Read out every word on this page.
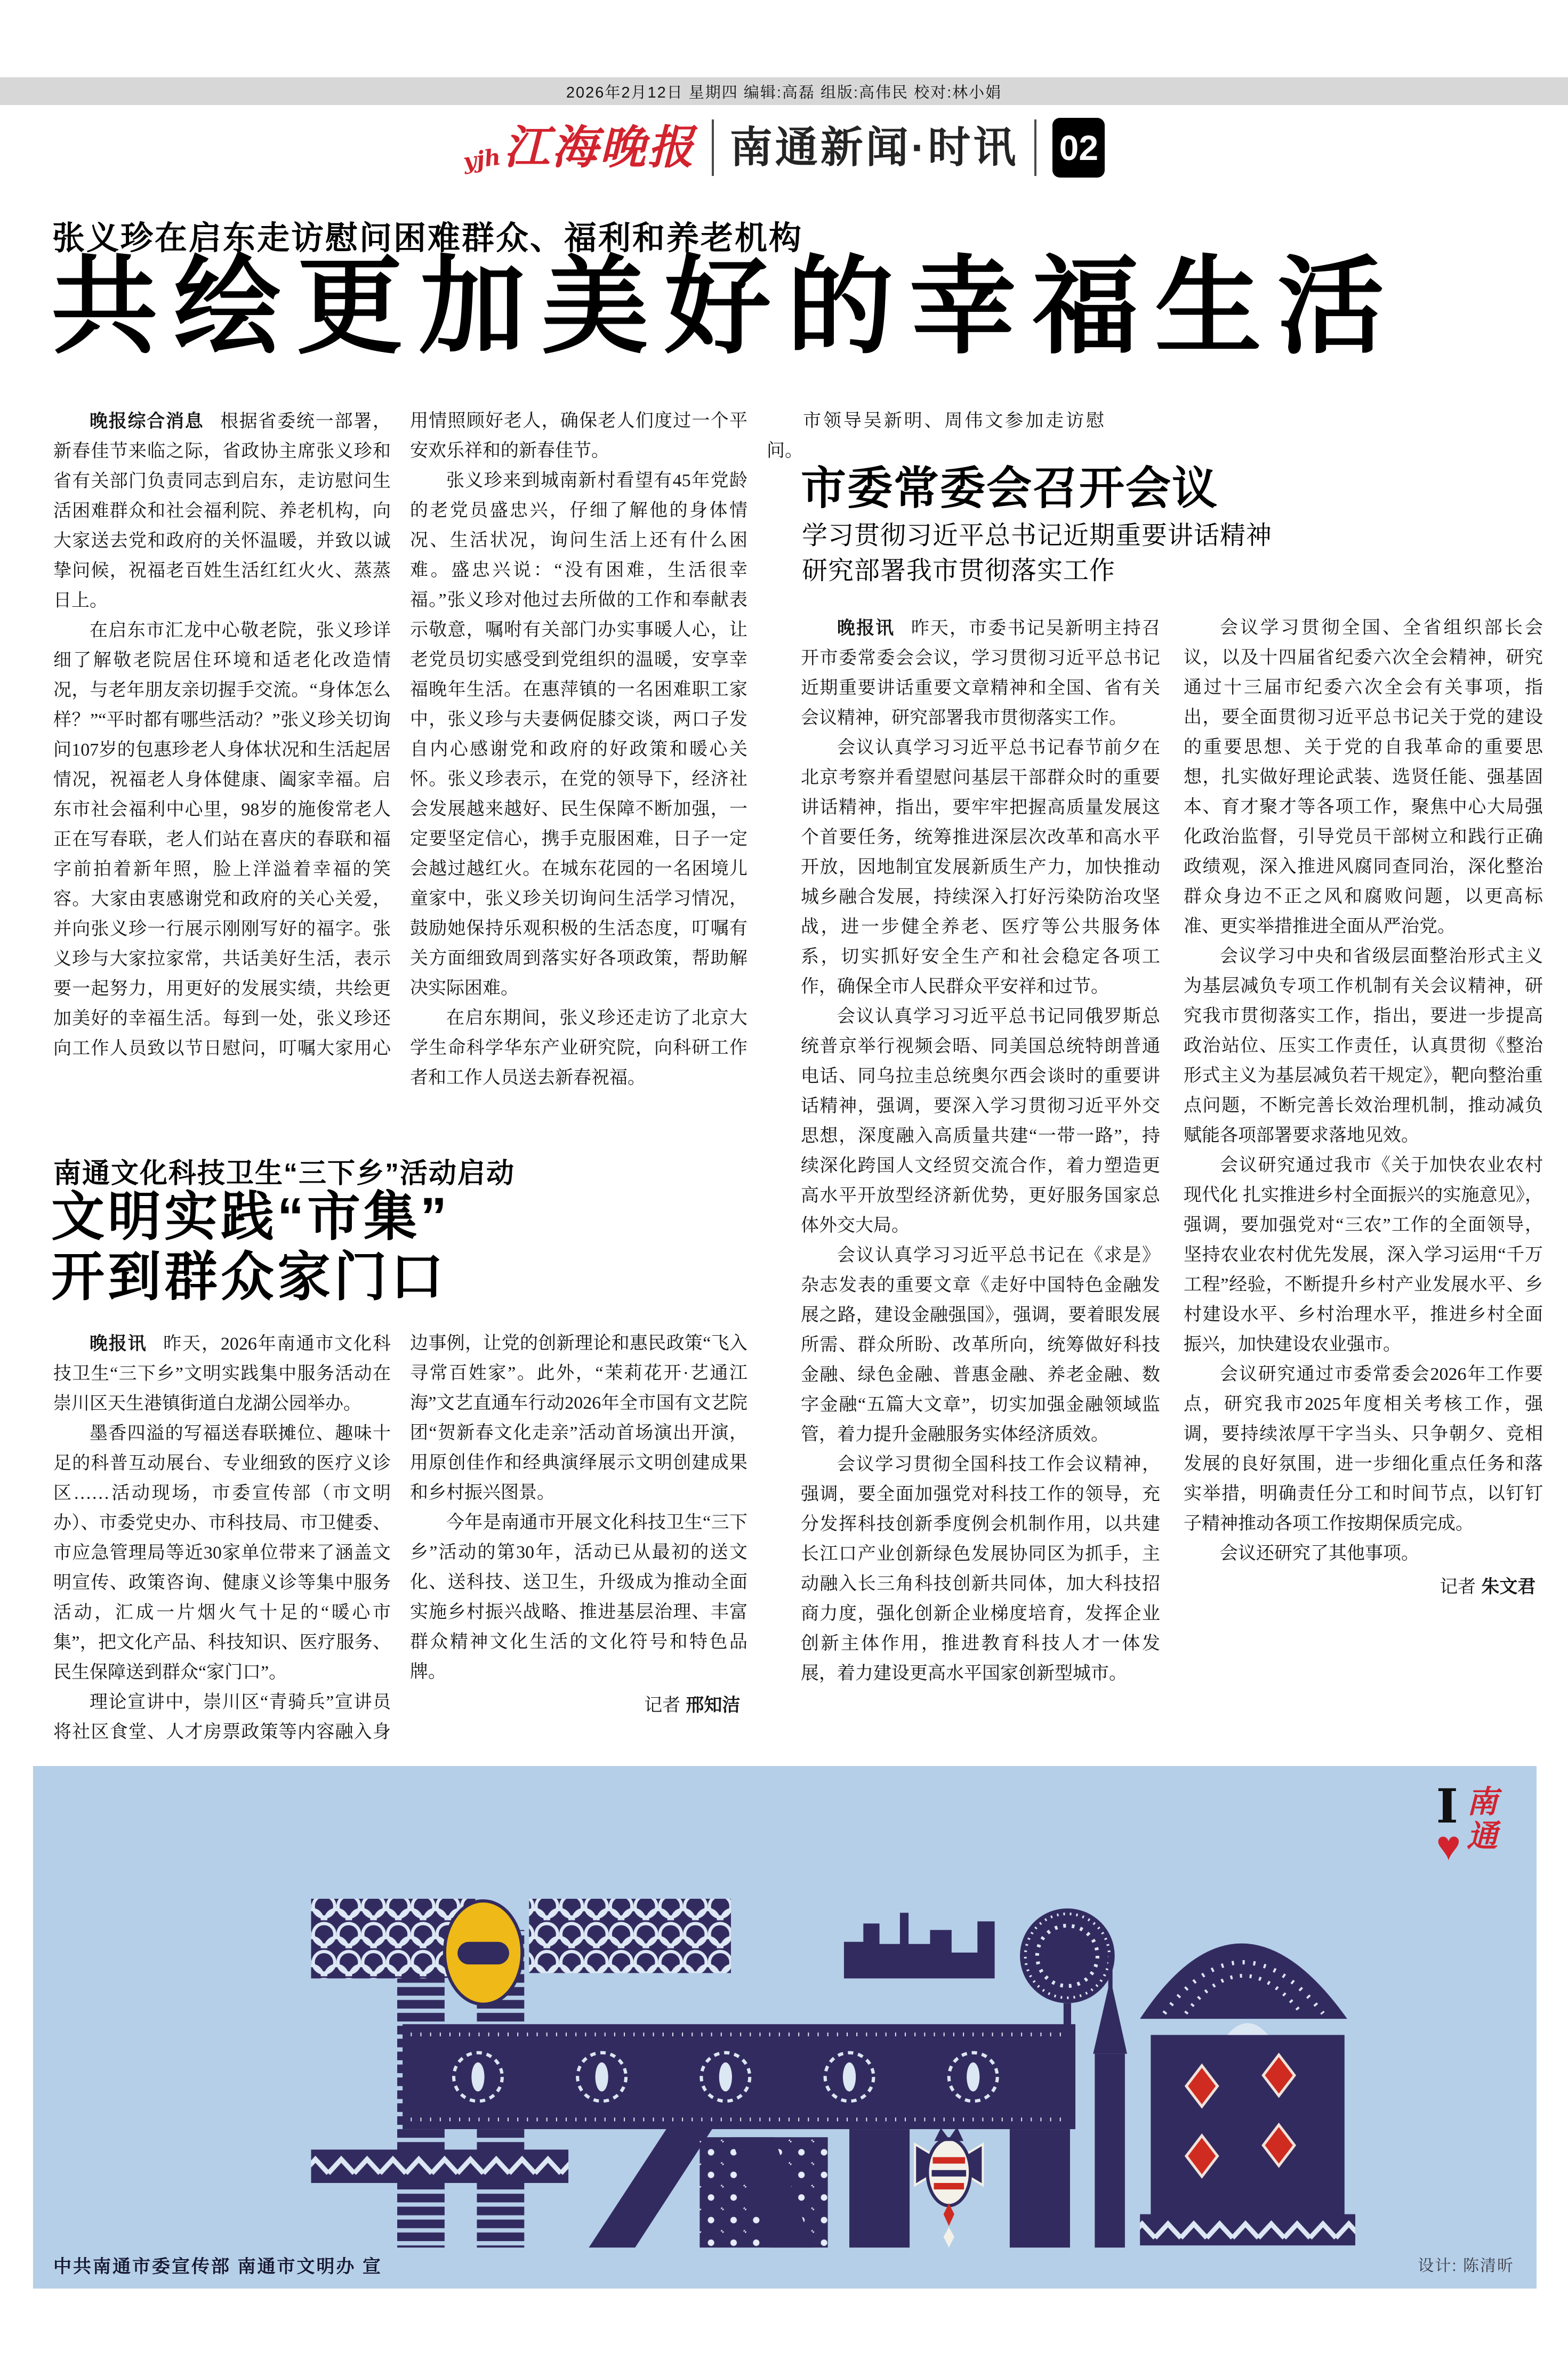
2026年2月12日 星期四 编辑:高磊 组版:高伟民 校对:林小娟
yjh 江海晚报 南通新闻·时讯 02
张义珍在启东走访慰问困难群众、福利和养老机构
共绘更加美好的幸福生活

晚报综合消息 根据省委统一部署，新春佳节来临之际，省政协主席张义珍和省有关部门负责同志到启东，走访慰问生活困难群众和社会福利院、养老机构，向大家送去党和政府的关怀温暖，并致以诚挚问候，祝福老百姓生活红红火火、蒸蒸日上。

在启东市汇龙中心敬老院，张义珍详细了解敬老院居住环境和适老化改造情况，与老年朋友亲切握手交流。“身体怎么样？”“平时都有哪些活动？”张义珍关切询问107岁的包惠珍老人身体状况和生活起居情况，祝福老人身体健康、阖家幸福。启东市社会福利中心里，98岁的施俊常老人正在写春联，老人们站在喜庆的春联和福字前拍着新年照，脸上洋溢着幸福的笑容。大家由衷感谢党和政府的关心关爱，并向张义珍一行展示刚刚写好的福字。张义珍与大家拉家常，共话美好生活，表示要一起努力，用更好的发展实绩，共绘更加美好的幸福生活。每到一处，张义珍还向工作人员致以节日慰问，叮嘱大家用心用情照顾好老人，确保老人们度过一个平安欢乐祥和的新春佳节。

张义珍来到城南新村看望有45年党龄的老党员盛忠兴，仔细了解他的身体情况、生活状况，询问生活上还有什么困难。盛忠兴说：“没有困难，生活很幸福。”张义珍对他过去所做的工作和奉献表示敬意，嘱咐有关部门办实事暖人心，让老党员切实感受到党组织的温暖，安享幸福晚年生活。在惠萍镇的一名困难职工家中，张义珍与夫妻俩促膝交谈，两口子发自内心感谢党和政府的好政策和暖心关怀。张义珍表示，在党的领导下，经济社会发展越来越好、民生保障不断加强，一定要坚定信心，携手克服困难，日子一定会越过越红火。在城东花园的一名困境儿童家中，张义珍关切询问生活学习情况，鼓励她保持乐观积极的生活态度，叮嘱有关方面细致周到落实好各项政策，帮助解决实际困难。

在启东期间，张义珍还走访了北京大学生命科学华东产业研究院，向科研工作者和工作人员送去新春祝福。

市领导吴新明、周伟文参加走访慰问。

市委常委会召开会议
学习贯彻习近平总书记近期重要讲话精神
研究部署我市贯彻落实工作

晚报讯 昨天，市委书记吴新明主持召开市委常委会会议，学习贯彻习近平总书记近期重要讲话重要文章精神和全国、省有关会议精神，研究部署我市贯彻落实工作。

会议认真学习习近平总书记春节前夕在北京考察并看望慰问基层干部群众时的重要讲话精神，指出，要牢牢把握高质量发展这个首要任务，统筹推进深层次改革和高水平开放，因地制宜发展新质生产力，加快推动城乡融合发展，持续深入打好污染防治攻坚战，进一步健全养老、医疗等公共服务体系，切实抓好安全生产和社会稳定各项工作，确保全市人民群众平安祥和过节。

会议认真学习习近平总书记同俄罗斯总统普京举行视频会晤、同美国总统特朗普通电话、同乌拉圭总统奥尔西会谈时的重要讲话精神，强调，要深入学习贯彻习近平外交思想，深度融入高质量共建“一带一路”，持续深化跨国人文经贸交流合作，着力塑造更高水平开放型经济新优势，更好服务国家总体外交大局。

会议认真学习习近平总书记在《求是》杂志发表的重要文章《走好中国特色金融发展之路，建设金融强国》，强调，要着眼发展所需、群众所盼、改革所向，统筹做好科技金融、绿色金融、普惠金融、养老金融、数字金融“五篇大文章”，切实加强金融领域监管，着力提升金融服务实体经济质效。

会议学习贯彻全国科技工作会议精神，强调，要全面加强党对科技工作的领导，充分发挥科技创新季度例会机制作用，以共建长江口产业创新绿色发展协同区为抓手，主动融入长三角科技创新共同体，加大科技招商力度，强化创新企业梯度培育，发挥企业创新主体作用，推进教育科技人才一体发展，着力建设更高水平国家创新型城市。

会议学习贯彻全国、全省组织部长会议，以及十四届省纪委六次全会精神，研究通过十三届市纪委六次全会有关事项，指出，要全面贯彻习近平总书记关于党的建设的重要思想、关于党的自我革命的重要思想，扎实做好理论武装、选贤任能、强基固本、育才聚才等各项工作，聚焦中心大局强化政治监督，引导党员干部树立和践行正确政绩观，深入推进风腐同查同治，深化整治群众身边不正之风和腐败问题，以更高标准、更实举措推进全面从严治党。

会议学习中央和省级层面整治形式主义为基层减负专项工作机制有关会议精神，研究我市贯彻落实工作，指出，要进一步提高政治站位、压实工作责任，认真贯彻《整治形式主义为基层减负若干规定》，靶向整治重点问题，不断完善长效治理机制，推动减负赋能各项部署要求落地见效。

会议研究通过我市《关于加快农业农村现代化 扎实推进乡村全面振兴的实施意见》，强调，要加强党对“三农”工作的全面领导，坚持农业农村优先发展，深入学习运用“千万工程”经验，不断提升乡村产业发展水平、乡村建设水平、乡村治理水平，推进乡村全面振兴，加快建设农业强市。

会议研究通过市委常委会2026年工作要点，研究我市2025年度相关考核工作，强调，要持续浓厚干字当头、只争朝夕、竞相发展的良好氛围，进一步细化重点任务和落实举措，明确责任分工和时间节点，以钉钉子精神推动各项工作按期保质完成。

会议还研究了其他事项。

记者 朱文君

南通文化科技卫生“三下乡”活动启动
文明实践“市集”
开到群众家门口

晚报讯 昨天，2026年南通市文化科技卫生“三下乡”文明实践集中服务活动在崇川区天生港镇街道白龙湖公园举办。

墨香四溢的写福送春联摊位、趣味十足的科普互动展台、专业细致的医疗义诊区……活动现场，市委宣传部（市文明办）、市委党史办、市科技局、市卫健委、市应急管理局等近30家单位带来了涵盖文明宣传、政策咨询、健康义诊等集中服务活动，汇成一片烟火气十足的“暖心市集”，把文化产品、科技知识、医疗服务、民生保障送到群众“家门口”。

理论宣讲中，崇川区“青骑兵”宣讲员将社区食堂、人才房票政策等内容融入身边事例，让党的创新理论和惠民政策“飞入寻常百姓家”。此外，“茉莉花开·艺通江海”文艺直通车行动2026年全市国有文艺院团“贺新春文化走亲”活动首场演出开演，用原创佳作和经典演绎展示文明创建成果和乡村振兴图景。

今年是南通市开展文化科技卫生“三下乡”活动的第30年，活动已从最初的送文化、送科技、送卫生，升级成为推动全面实施乡村振兴战略、推进基层治理、丰富群众精神文化生活的文化符号和特色品牌。

记者 邢知洁

I
♥ 南通
中共南通市委宣传部 南通市文明办 宣	设计: 陈清昕
